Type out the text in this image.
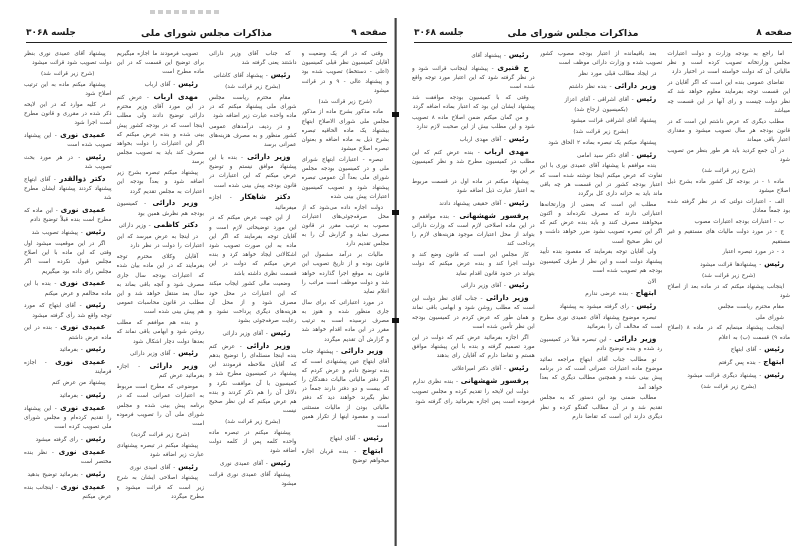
صفحه ۹
مذاکرات مجلس شورای ملی
جلسه ۳۰۶۸

وقتی که در اثر یک وضعیت و آقایان کمیسیون نظر قبلی کمیسیون (اعلی - دستخط) تصویب شده بود و پیشنهاد عالی - ۹ و در قرائت میشود

(شرح زیر قرائت شد)

ماده مذکور بشرح ماده از مذکور مجلس ملی شورای الاصلاح ابتهاج بیشنهاد یک ماده الحاقیه تبصره بشرح ذیل به ماده اضافه و بعنوان تبصره اصلاح میشود

تبصره - اعتبارات ابتهاج شورای ملی و در کمیسیون بودجه مجلس شورای ملی بعداً آن عمومی تبصره پیشنهاد شود و تصویب کمیسیون اعتبارات پیش بینی شده

دولت اجازه داده می‌شود که از محل صرفه‌جوئی‌های اعتبارات مصوب به ترتیب مقرر در قانون مصرف نماید و گزارش آن را به مجلس تقدیم دارد

مالیات بر درآمد مشمول این قانون بوده و از تاریخ تصویب این قانون به موقع اجرا گذارده خواهد شد و دولت موظف است مراتب را اعلام نماید

در مورد اعتباراتی که برای سال جاری منظور شده و هنوز به مصرف نرسیده است به ترتیب مقرر در این ماده اقدام خواهد شد و گزارش آن تقدیم میگردد

وزیر دارائی - پیشنهاد جناب آقای ابتهاج عین پیشنهادی است که بنده توضیح دادم و عرض کردم که اگر دفتر مالیاتی مالیات دهندگان را که بیست و دو دفتر دارند جمعاً در نظر بگیرند خواهند دید که دفتر مالیاتی بودن از مالیات مستثنی است و مقصود اینها از تکرار همین است

رئیس - آقای ابتهاج

ابتهاج - بنده قربان اجازه میخواهم توضیح

که جناب آقای وزیر دارائی داشتند یعنی گرفته شد

رئیس - پیشنهاد آقای کاشانی

(بشرح زیر قرائت شد)

مقام محترم ریاست مجلس شورای ملی پیشنهاد میکنم که در ماده واحده عبارت زیر اضافه شود

و در ردیف درآمدهای عمومی کشور منظور و به مصرف هزینه‌های عمرانی برسد

وزیر دارائی - بنده با این پیشنهاد موافق نیستم و توضیح عرض میکنم که این اعتبارات در قانون بودجه پیش بینی شده است

دکتر شاهکار - اجازه میفرمائید

از این جهت عرض میکنم که در این مورد توضیحاتی لازم است و آقایان توجه بفرمایند که اگر این ماده به این صورت تصویب شود اشکالاتی ایجاد خواهد کرد و بنده عرض میکنم که دولت در این قسمت نظری داشته باشد

وضعیت مالی کشور ایجاب میکند که این اعتبارات در محل خود مصرف شود و از محل آن هزینه‌های دیگری پرداخت نشود و رعایت صرفه‌جوئی بشود

رئیس - آقای وزیر دارائی

وزیر دارائی - عرض کنم بنده اینجا مسئله‌ای را توضیح بدهم که آقایان ملاحظه فرمودند این پیشنهاد در کمیسیون مطرح شد و کمیسیون با آن موافقت نکرد و دلائل آن را هم ذکر کردند و بنده هم عرض میکنم که این نظر صحیح نیست

(بشرح زیر قرائت شد)

پیشنهاد میکنم در تبصره ماده واحده کلمه پس از کلمه دولت اضافه شود

رئیس - آقای عمیدی نوری

پیشنهاد آقای عمیدی نوری قرائت میشود

تصویب فرمودند ما اجازه میگیریم برای توضیح این قسمت که در این ماده مطرح است

رئیس - آقای ارباب

مهدی ارباب - عرض کنم در این مورد آقای وزیر محترم دارائی توضیح دادند ولی مطلب اینجا است که در بودجه کشور پیش بینی شده و بنده عرض میکنم که اگر این اعتبارات را دولت بخواهد مصرف کند باید به تصویب مجلس برسد

پیشنهاد میکنم تبصره بشرح زیر اضافه شود و بعداً بودجه این اعتبارات به مجلس تقدیم گردد

وزیر دارائی - کمیسیون بودجه هم نظرش همین بود

دکتر کاظمی - وزیر دارائی

در اینجا به عرض میرسد که این اعتبارات را دولت در نظر دارد

آقایان وکلای محترم توجه بفرمایند که در این ماده بیان شده که اعتبارات بودجه سال جاری مصرف شود و آنچه باقی بماند به سال بعد منتقل خواهد شد و این مطلب در قانون محاسبات عمومی هم پیش بینی شده است

و بنده هم موافقم که مطلب روشن شود و ابهامی باقی نماند که بعدها دولت دچار اشکال شود

رئیس - آقای وزیر دارائی

وزیر دارائی - اجازه بفرمائید عرض کنم

موضوعی که مطرح است مربوط به اعتبارات عمرانی است که در برنامه پیش بینی شده و مجلس شورای ملی آن را تصویب فرموده است

(شرح زیر قرائت گردید)

پیشنهاد میکنم در تبصره پیشنهادی عبارت زیر اضافه شود

رئیس - آقای امیدی نوری

پیشنهاد اصلاحی ایشان به شرح زیر است که قرائت میشود و مطرح میگردد

پیشنهاد آقای عمیدی نوری بنظر دولت تصویب شود قرائت میشود

(شرح زیر قرائت شد)

پیشنهاد میکنم ماده به این ترتیب اصلاح شود

در کلیه موارد که در این لایحه ذکر شده در مقرری و قانون مطرح است اجرا شود

عمیدی نوری - این پیشنهاد تصویب شده است

رئیس - در هر مورد بحث تصویب شد

دکتر ذوالقدر - آقای ابتهاج پیشنهاد کردند پیشنهاد ایشان مطرح شد

عمیدی نوری - این ماده که مطرح است بنده قبلاً توضیح دادم

رئیس - پیشنهاد تصویب شد

اگر در این موقعیت میشود اول وقتی که این ماده با این اصلاح مجلس قبول نکرده است اگر مجلس رای داده بود میگیریم

عمیدی نوری - بنده با این ماده مخالفم و عرض میکنم

رئیس - آقای ابتهاج که مورد توجه واقع شد رأی گرفته میشود

عمیدی نوری - بنده در این ماده عرض داشتم

رئیس - بفرمائید

عمیدی نوری - اجازه فرمایند

پیشنهاد من عرض کنم

رئیس - بفرمائید

عمیدی نوری - این پیشنهاد را تقدیم کرده‌ام و مجلس شورای ملی تصویب کرده است

رئیس - رای گرفته میشود

عمیدی نوری - نظر بنده مختصر است

رئیس - بفرمائید توضیح بدهید

عمیدی نوری - اینجانب بنده عرض میکنم

صفحه ۸
مذاکرات مجلس شورای ملی
جلسه ۳۰۶۸

اما راجع به بودجه وزارت و دولت اعتبارات مجلس وزارتخانه تصویب کرده است و نظر مالیاتی آن که دولت خواسته است در اختیار دارد

تقاضای عمومی بنده این است که اگر آقایان در این قسمت توجه بفرمایند معلوم خواهد شد که نظر دولت چیست و رای آنها در این قسمت چه میباشد

مطلب دیگری که عرض داشتم این است که در قانون بودجه هر سال تصویب میشود و مقداری اعتبار باقی میماند

در آن جمع کردید باید هر طور بنظر من تصویب شود

(شرح زیر قرائت شد)

ماده ۱ - در بودجه کل کشور ماده بشرح ذیل اصلاح میشود

الف - اعتبارات دولتی که در نظر گرفته شده بود جمعاً معادل

ب - اعتبارات بودجه اعتبارات مصوب

ج - در مورد دولت مالیات های مستقیم و غیر مستقیم

د - در مورد تبصره اعتبار

رئیس - پیشنهادها قرائت میشود

(شرح زیر قرائت شد)

اینجانب پیشنهاد میکنم که در ماده بعد از اصلاح شود

مقام محترم ریاست مجلس

شورای ملی

اینجانب پیشنهاد مینمایم که در ماده ۸ (اصلاح ماده ۹) قسمت (ب) به اعلام

رئیس - آقای ابتهاج

ابتهاج - بنده پس گرفتم

رئیس - پیشنهاد دیگری قرائت میشود

(بشرح زیر قرائت شد)

بعد باقیمانده از اعتبار بودجه مصوب کشور تصویب شده و وزارت دارائی موظف است

در ایجاد مطالب قبلی مورد نظر

وزیر دارائی - بنده نظر داشتم

رئیس - آقای اشراقی - آقای اعزاز

(بکمیسیون ارجاع شد)

پیشنهاد آقای اشرافی قرائت میشود

(بشرح زیر قرائت شد)

پیشنهاد میکنم یک تبصره بماده ۲ الحاق شود

رئیس - آقای دکتر سید امامی

بنده موافقم با پیشنهاد آقای عمیدی نوری با این تفاوت که عرض میکنم اینجا نوشته شده است که اعتبار بودجه کشور در این قسمت هر چه باقی ماند باید به خزانه داری کل برگردد

مطلب این است که بعضی از وزارتخانه‌ها اعتباراتی دارند که مصرف نکرده‌اند و اکنون میخواهند مصرف کنند و باید بنده عرض کنم که اگر این تبصره تصویب نشود ضرر خواهد داشت و این نظر صحیح است

ولی آقایان توجه بفرمایند که مقصود بنده تأیید پیشنهاد دولت است و این نظر از طرف کمیسیون بودجه هم تصویب شده است

الان

ابتهاج - بنده عرضی ندارم

رئیس - رای گرفته میشود به پیشنهاد

تبصره موضوع پیشنهاد آقای عمیدی نوری مطرح است که مخالف آن را بفرمائید

وزیر دارائی - این تبصره قبلاً در کمیسیون رد شده و بنده توضیح دادم

تو مطالب جناب آقای ابتهاج مراجعه نمائید موضوع ماده اعتبارات عمرانی است که در برنامه پیش بینی شده و همچنین مطالب دیگری که بعداً خواهد آمد

مطالب ضمنی بود این دستور که به مجلس تقدیم شد و در آن مطالب گفتگو کرده و نظر دیگری دارند این است که تقاضا دارم

رئیس - پیشنهاد آقای

ح قنبری - پیشنهاد اینجانب قرائت شود و در نظر گرفته شود که این اعتبار مورد توجه واقع شده است

وقتی که با کمیسیون بودجه موافقت شد پیشنهاد ایشان این بود که اعتبار بماده اضافه گردد

و من گمان میکنم ضمن اصلاح ماده ۸ تصویب شود و این مطلب بیش از این صحبت لازم ندارد

رئیس - آقای مهدی ارباب

مهدی ارباب - بنده عرض کنم که این مطلب در کمیسیون مطرح شد و نظر کمیسیون بر این بود

پیشنهاد میکنم در ماده اول در قسمت مربوط به اعتبار عبارت ذیل اضافه شود

رئیس - آقای حقیقی پیشنهاد دادند

پرفسور شهشهانی - بنده موافقم و در این ماده اصلاحی لازم است که وزارت دارائی بتواند از محل اعتبارات موجود هزینه‌های لازم را پرداخت کند

کار مجلس این است که قانون وضع کند و دولت اجرا کند و بنده عرض میکنم که دولت بتواند در حدود قانون اقدام نماید

رئیس - آقای وزیر دارائی

وزیر دارائی - جناب آقای نظر دولت این است که مطلب روشن شود و ابهامی باقی نماند و همان طور که عرض کردم در کمیسیون بودجه این نظر تأمین شده است

اگر اجازه بفرمائید عرض کنم که دولت در این مورد تصمیم گرفته و بنده با این پیشنهاد موافق هستم و تقاضا دارم که آقایان رای بدهند

رئیس - آقای دکتر امیراعلائی

پرفسور شهشهانی - بنده نظری ندارم

دولت این لایحه را تقدیم کرده و مجلس تصویب فرموده است پس اجازه بفرمائید رای گرفته شود
